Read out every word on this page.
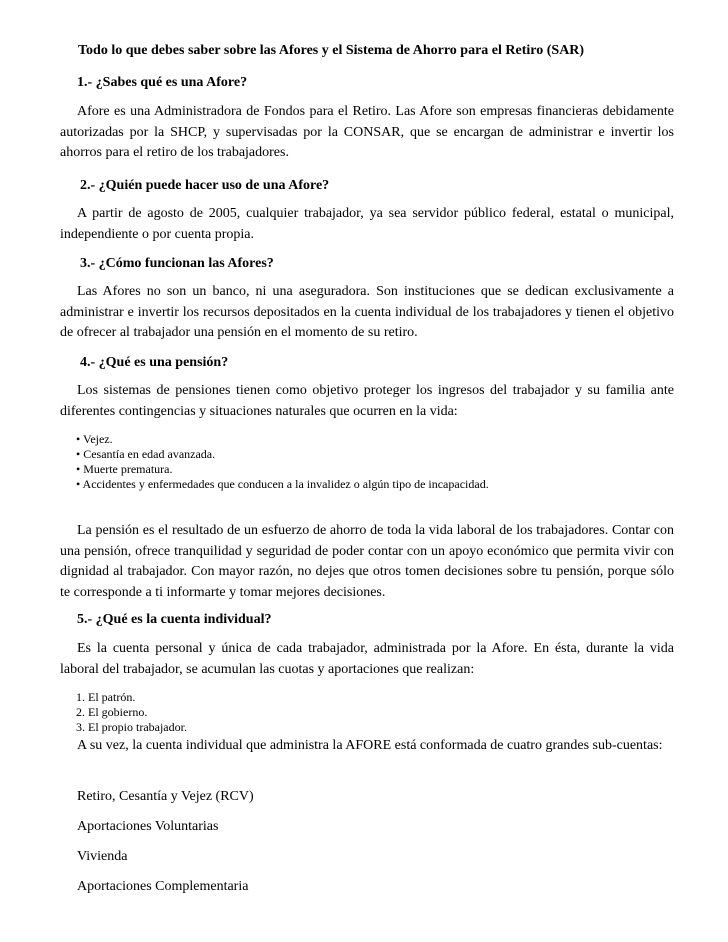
Todo lo que debes saber sobre las Afores y el Sistema de Ahorro para el Retiro (SAR)

1.- ¿Sabes qué es una Afore?

Afore es una Administradora de Fondos para el Retiro. Las Afore son empresas financieras debidamente autorizadas por la SHCP, y supervisadas por la CONSAR, que se encargan de administrar e invertir los ahorros para el retiro de los trabajadores.

2.- ¿Quién puede hacer uso de una Afore?

A partir de agosto de 2005, cualquier trabajador, ya sea servidor público federal, estatal o municipal, independiente o por cuenta propia.

3.- ¿Cómo funcionan las Afores?

Las Afores no son un banco, ni una aseguradora. Son instituciones que se dedican exclusivamente a administrar e invertir los recursos depositados en la cuenta individual de los trabajadores y tienen el objetivo de ofrecer al trabajador una pensión en el momento de su retiro.

4.- ¿Qué es una pensión?

Los sistemas de pensiones tienen como objetivo proteger los ingresos del trabajador y su familia ante diferentes contingencias y situaciones naturales que ocurren en la vida:

• Vejez.

• Cesantía en edad avanzada.

• Muerte prematura.

• Accidentes y enfermedades que conducen a la invalidez o algún tipo de incapacidad.

La pensión es el resultado de un esfuerzo de ahorro de toda la vida laboral de los trabajadores. Contar con una pensión, ofrece tranquilidad y seguridad de poder contar con un apoyo económico que permita vivir con dignidad al trabajador. Con mayor razón, no dejes que otros tomen decisiones sobre tu pensión, porque sólo te corresponde a ti informarte y tomar mejores decisiones.

5.- ¿Qué es la cuenta individual?

Es la cuenta personal y única de cada trabajador, administrada por la Afore. En ésta, durante la vida laboral del trabajador, se acumulan las cuotas y aportaciones que realizan:

1. El patrón.

2. El gobierno.

3. El propio trabajador.

A su vez, la cuenta individual que administra la AFORE está conformada de cuatro grandes sub-cuentas:

Retiro, Cesantía y Vejez (RCV)

Aportaciones Voluntarias

Vivienda

Aportaciones Complementaria
